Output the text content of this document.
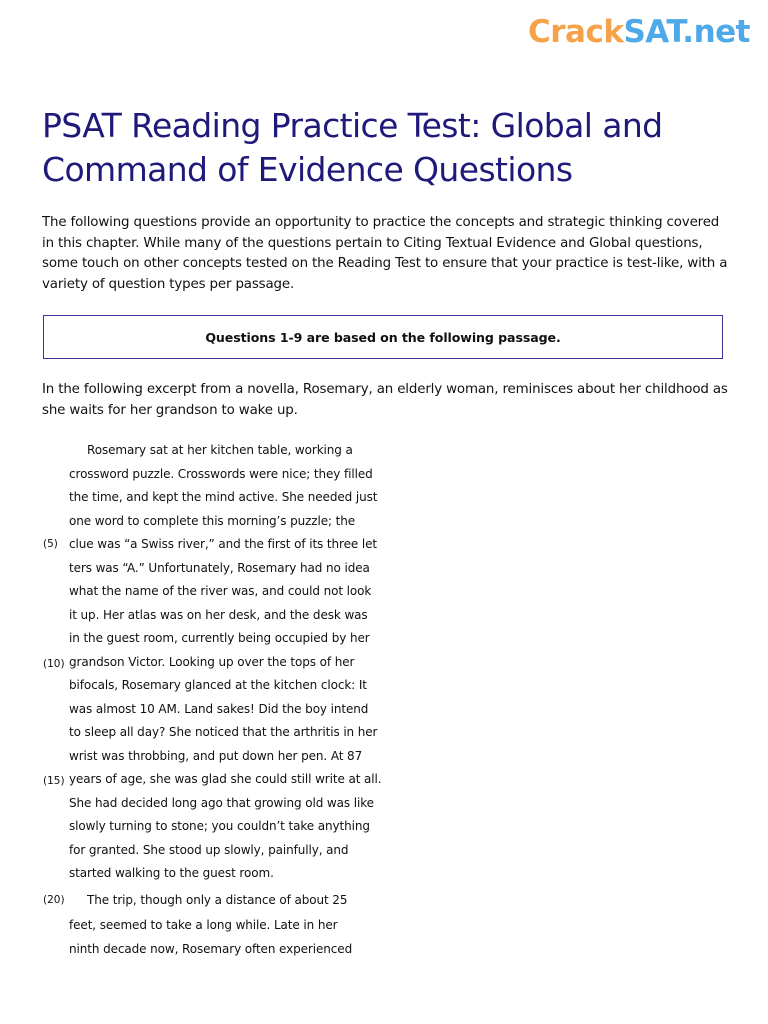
CrackSAT.net
PSAT Reading Practice Test: Global and Command of Evidence Questions

The following questions provide an opportunity to practice the concepts and strategic thinking covered in this chapter. While many of the questions pertain to Citing Textual Evidence and Global questions, some touch on other concepts tested on the Reading Test to ensure that your practice is test-like, with a variety of question types per passage.

Questions 1-9 are based on the following passage.

In the following excerpt from a novella, Rosemary, an elderly woman, reminisces about her childhood as she waits for her grandson to wake up.

Rosemary sat at her kitchen table, working a
crossword puzzle. Crosswords were nice; they filled
the time, and kept the mind active. She needed just
one word to complete this morning’s puzzle; the
clue was “a Swiss river,” and the first of its three let
ters was “A.” Unfortunately, Rosemary had no idea
what the name of the river was, and could not look
it up. Her atlas was on her desk, and the desk was
in the guest room, currently being occupied by her
grandson Victor. Looking up over the tops of her
bifocals, Rosemary glanced at the kitchen clock: It
was almost 10 AM. Land sakes! Did the boy intend
to sleep all day? She noticed that the arthritis in her
wrist was throbbing, and put down her pen. At 87
years of age, she was glad she could still write at all.
She had decided long ago that growing old was like
slowly turning to stone; you couldn’t take anything
for granted. She stood up slowly, painfully, and
started walking to the guest room.
The trip, though only a distance of about 25
feet, seemed to take a long while. Late in her
ninth decade now, Rosemary often experienced
(5)
(10)
(15)
(20)
